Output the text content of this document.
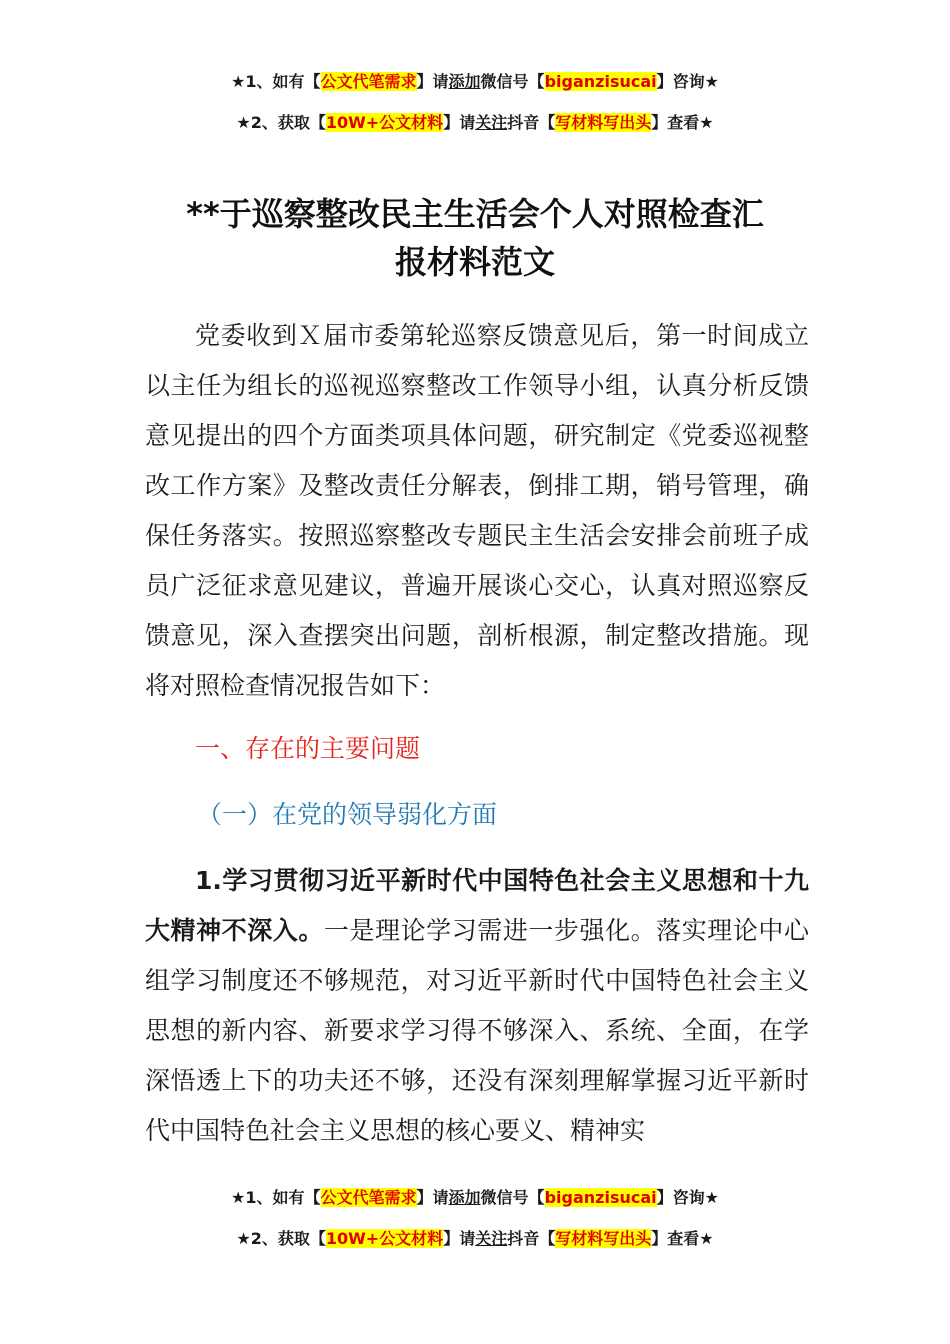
★1、如有【公文代笔需求】请添加微信号【biganzisucai】咨询★
★2、获取【10W+公文材料】请关注抖音【写材料写出头】查看★
**于巡察整改民主生活会个人对照检查汇
报材料范文

党委收到Ｘ届市委第轮巡察反馈意见后，第一时间成立以主任为组长的巡视巡察整改工作领导小组，认真分析反馈意见提出的四个方面类项具体问题，研究制定《党委巡视整改工作方案》及整改责任分解表，倒排工期，销号管理，确保任务落实。按照巡察整改专题民主生活会安排会前班子成员广泛征求意见建议，普遍开展谈心交心，认真对照巡察反馈意见，深入查摆突出问题，剖析根源，制定整改措施。现将对照检查情况报告如下：

一、存在的主要问题

（一）在党的领导弱化方面

1.学习贯彻习近平新时代中国特色社会主义思想和十九大精神不深入。一是理论学习需进一步强化。落实理论中心组学习制度还不够规范，对习近平新时代中国特色社会主义思想的新内容、新要求学习得不够深入、系统、全面，在学深悟透上下的功夫还不够，还没有深刻理解掌握习近平新时代中国特色社会主义思想的核心要义、精神实

★1、如有【公文代笔需求】请添加微信号【biganzisucai】咨询★
★2、获取【10W+公文材料】请关注抖音【写材料写出头】查看★
